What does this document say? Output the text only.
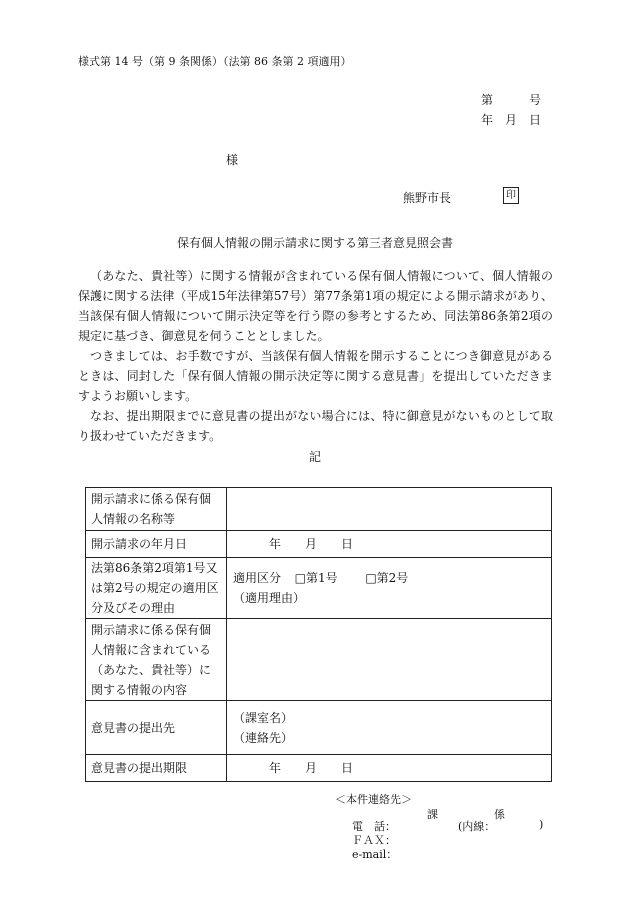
様式第 14 号（第 9 条関係）（法第 86 条第 2 項適用）
第	号
年 月 日
様
熊野市長	印
保有個人情報の開示請求に関する第三者意見照会書

（あなた、貴社等）に関する情報が含まれている保有個人情報について、個人情報の保護に関する法律（平成15年法律第57号）第77条第1項の規定による開示請求があり、当該保有個人情報について開示決定等を行う際の参考とするため、同法第86条第2項の規定に基づき、御意見を伺うこととしました。

つきましては、お手数ですが、当該保有個人情報を開示することにつき御意見があるときは、同封した「保有個人情報の開示決定等に関する意見書」を提出していただきますようお願いします。

なお、提出期限までに意見書の提出がない場合には、特に御意見がないものとして取り扱わせていただきます。

記
開示請求に係る保有個人情報の名称等	
開示請求の年月日	年 月 日
法第86条第2項第1号又は第2号の規定の適用区分及びその理由	適用区分 □第1号 □第2号
（適用理由）

開示請求に係る保有個人情報に含まれている（あなた、貴社等）に関する情報の内容	
意見書の提出先	（課室名）
（連絡先）

意見書の提出期限	年 月 日
＜本件連絡先＞
課	係
電　話：	(内線：	)
ＦＡＸ：
e-mail：
